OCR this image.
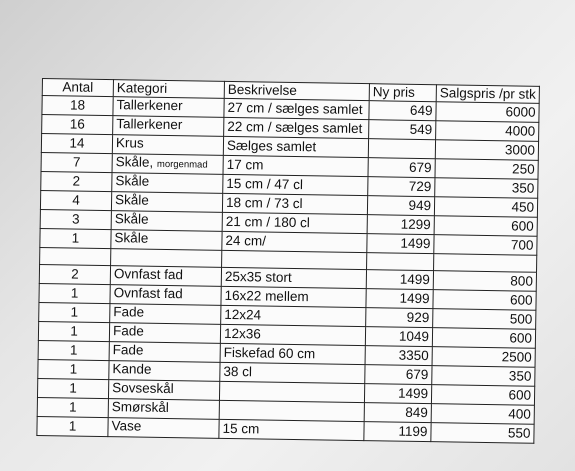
Antal	Kategori	Beskrivelse	Ny pris	Salgspris /pr stk
18	Tallerkener	27 cm / sælges samlet	649	6000
16	Tallerkener	22 cm / sælges samlet	549	4000
14	Krus	Sælges samlet		3000
7	Skåle, morgenmad	17 cm	679	250
2	Skåle	15 cm / 47 cl	729	350
4	Skåle	18 cm / 73 cl	949	450
3	Skåle	21 cm / 180 cl	1299	600
1	Skåle	24 cm/	1499	700

2	Ovnfast fad	25x35 stort	1499	800
1	Ovnfast fad	16x22 mellem	1499	600
1	Fade	12x24	929	500
1	Fade	12x36	1049	600
1	Fade	Fiskefad 60 cm	3350	2500
1	Kande	38 cl	679	350
1	Sovseskål		1499	600
1	Smørskål		849	400
1	Vase	15 cm	1199	550
